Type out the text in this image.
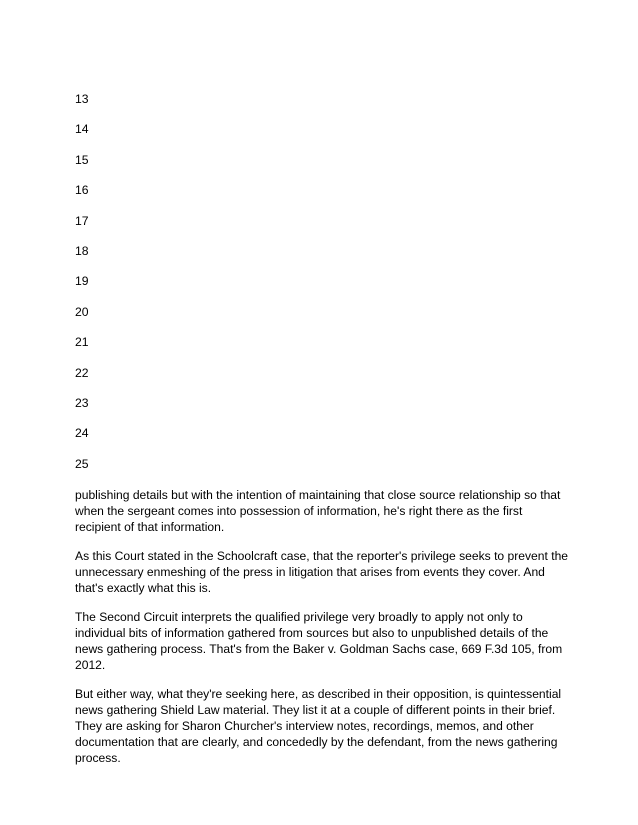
13
14
15
16
17
18
19
20
21
22
23
24
25

publishing details but with the intention of maintaining that close source relationship so that when the sergeant comes into possession of information, he's right there as the first recipient of that information.

As this Court stated in the Schoolcraft case, that the reporter's privilege seeks to prevent the unnecessary enmeshing of the press in litigation that arises from events they cover. And that's exactly what this is.

The Second Circuit interprets the qualified privilege very broadly to apply not only to individual bits of information gathered from sources but also to unpublished details of the news gathering process. That's from the Baker v. Goldman Sachs case, 669 F.3d 105, from 2012.

But either way, what they're seeking here, as described in their opposition, is quintessential news gathering Shield Law material. They list it at a couple of different points in their brief. They are asking for Sharon Churcher's interview notes, recordings, memos, and other documentation that are clearly, and concededly by the defendant, from the news gathering process.
